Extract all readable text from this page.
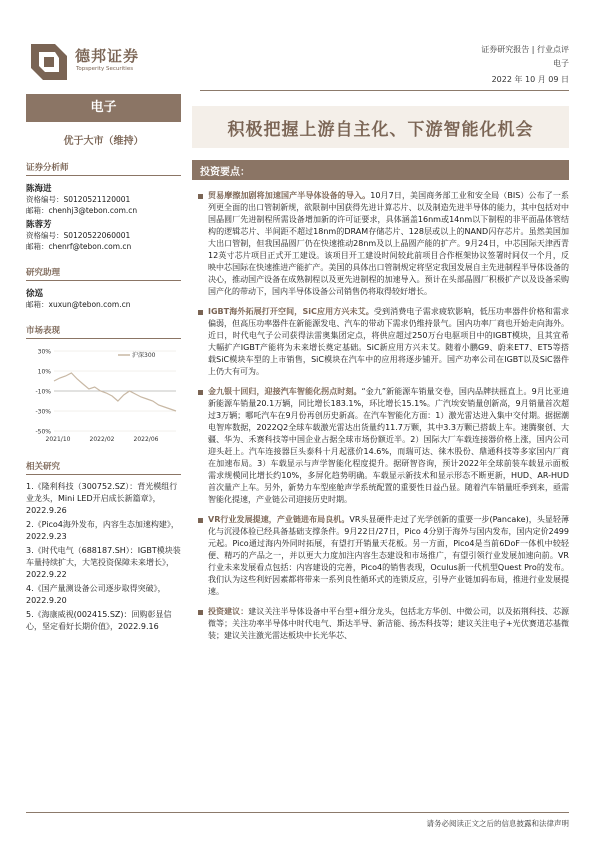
德邦证券
Topsperity Securities
证券研究报告 | 行业点评
电子
2022 年 10 月 09 日
电子
优于大市（维持）
证券分析师
陈海进
资格编号：S0120521120001
邮箱：chenhj3@tebon.com.cn
陈蓉芳
资格编号：S0120522060001
邮箱：chenrf@tebon.com.cn
研究助理
徐巡
邮箱：xuxun@tebon.com.cn
市场表现
30%
10%
-10%
-30%
-50%
沪深300
2021/10	2022/02	2022/06
相关研究
1.《隆利科技（300752.SZ）：背光模组行业龙头，Mini LED开启成长新篇章》，2022.9.26
2.《Pico4海外发布，内容生态加速构建》，2022.9.23
3.《时代电气（688187.SH）：IGBT模块装车量持续扩大，大笔投资保障未来增长》，2022.9.22
4.《国产量测设备公司逐步取得突破》，2022.9.20
5.《海康威视(002415.SZ)：回购彰显信心，坚定看好长期价值》，2022.9.16
积极把握上游自主化、下游智能化机会
投资要点：
贸易摩擦加剧将加速国产半导体设备的导入。10月7日，美国商务部工业和安全局（BIS）公布了一系列更全面的出口管制新规，欲限制中国获得先进计算芯片、以及制造先进半导体的能力，其中包括对中国晶圆厂先进制程所需设备增加新的许可证要求，具体涵盖16nm或14nm以下制程的非平面晶体管结构的逻辑芯片、半间距不超过18nm的DRAM存储芯片、128层或以上的NAND闪存芯片。虽然美国加大出口管制，但我国晶圆厂仍在快速推动28nm及以上晶圆产能的扩产。9月24日，中芯国际天津西青12英寸芯片项目正式开工建设。该项目开工建设时间较此前项目合作框架协议签署时间仅一个月，反映中芯国际在快速推进产能扩产。美国的具体出口管制规定将坚定我国发展自主先进制程半导体设备的决心，推动国产设备在成熟制程以及更先进制程的加速导入。预计在头部晶圆厂积极扩产以及设备采购国产化的带动下，国内半导体设备公司销售仍将取得较好增长。
IGBT海外拓展打开空间，SiC应用方兴未艾。受到消费电子需求疲软影响，低压功率器件价格和需求偏弱，但高压功率器件在新能源发电、汽车的带动下需求仍维持景气。国内功率厂商也开始走向海外。近日，时代电气子公司获得法雷奥集团定点，将供应超过250万台电驱项目中的IGBT模块，且其宜希大幅扩产IGBT产能将为未来增长奠定基础。SiC新应用方兴未艾。随着小鹏G9、蔚来ET7、ET5等搭载SiC模块车型的上市销售，SiC模块在汽车中的应用将逐步铺开。国产功率公司在IGBT以及SiC器件上仍大有可为。
金九银十回归，迎接汽车智能化拐点时刻。“金九”新能源车销量交卷，国内品牌扶摇直上。9月比亚迪新能源车销量20.1万辆，同比增长183.1%，环比增长15.1%。广汽埃安销量创新高，9月销量首次超过3万辆；哪吒汽车在9月份再创历史新高。在汽车智能化方面：1）激光雷达进入集中交付期。据据潮电智库数据，2022Q2全球车载激光雷达出货量约11.7万颗，其中3.3万颗已搭载上车。速腾聚创、大疆、华为、禾赛科技等中国企业占据全球市场份额近半。2）国际大厂车载连接器价格上涨，国内公司迎头赶上。汽车连接器巨头泰科十月起涨价14.6%，而瑞可达、徕木股份、鼎通科技等多家国内厂商在加速布局。3）车载显示与声学智能化程度提升。据研智咨询，预计2022年全球前装车载显示面板需求规模同比增长约10%，多屏化趋势明确。车载显示新技术和显示形态不断更新，HUD、AR-HUD首次量产上车。另外，新势力车型座舱声学系统配置的重要性日益凸显。随着汽车销量旺季到来，亟需智能化提速，产业链公司迎接历史时期。
VR行业发展提速，产业链进布局良机。VR头显硬件走过了光学创新的重要一步(Pancake)，头显轻薄化与沉浸体验已经具备基础支撑条件。9月22日/27日，Pico 4分别于海外与国内发布，国内定价2499元起。Pico通过海内外同时拓展，有望打开销量天花板。另一方面，Pico4是当前6DoF一体机中较轻便、精巧的产品之一，并以更大力度加注内容生态建设和市场推广，有望引领行业发展加速向前。VR行业未来发展看点包括：内容建设的完善，Pico4的销售表现，Oculus新一代机型Quest Pro的发布。我们认为这些利好因素都将带来一系列良性循环式的连锁反应，引导产业链加码布局，推进行业发展提速。
投资建议：建议关注半导体设备中平台型+细分龙头，包括北方华创、中微公司，以及拓荆科技、芯源微等；关注功率半导体中时代电气、斯达半导、新洁能、扬杰科技等；建议关注电子+光伏赛道芯基微装；建议关注激光雷达板块中长光华芯、
请务必阅读正文之后的信息披露和法律声明
